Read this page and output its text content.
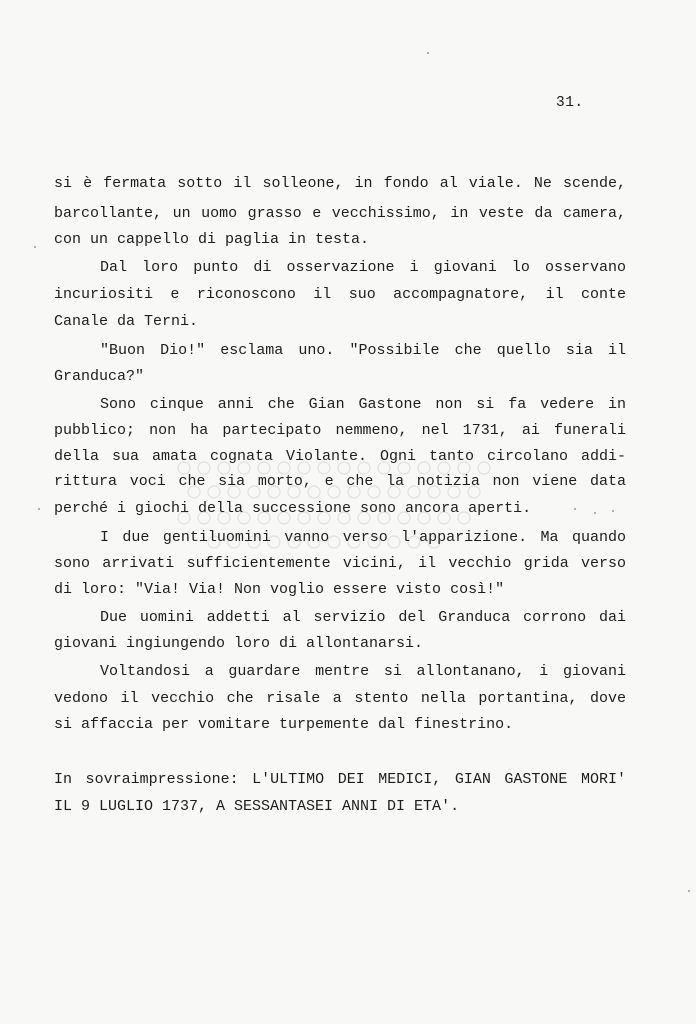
31.
si è fermata sotto il solleone, in fondo al viale. Ne scende,
barcollante, un uomo grasso e vecchissimo, in veste da camera,
con un cappello di paglia in testa.
Dal loro punto di osservazione i giovani lo osservano
incuriositi e riconoscono il suo accompagnatore, il conte
Canale da Terni.
"Buon Dio!" esclama uno. "Possibile che quello sia il
Granduca?"
Sono cinque anni che Gian Gastone non si fa vedere in
pubblico; non ha partecipato nemmeno, nel 1731, ai funerali
della sua amata cognata Violante. Ogni tanto circolano addi-
rittura voci che sia morto, e che la notizia non viene data
perché i giochi della successione sono ancora aperti.
I due gentiluomini vanno verso l'apparizione. Ma quando
sono arrivati sufficientemente vicini, il vecchio grida verso
di loro: "Via! Via! Non voglio essere visto così!"
Due uomini addetti al servizio del Granduca corrono dai
giovani ingiungendo loro di allontanarsi.
Voltandosi a guardare mentre si allontanano, i giovani
vedono il vecchio che risale a stento nella portantina, dove
si affaccia per vomitare turpemente dal finestrino.
In sovraimpressione: L'ULTIMO DEI MEDICI, GIAN GASTONE MORI'
IL 9 LUGLIO 1737, A SESSANTASEI ANNI DI ETA'.
